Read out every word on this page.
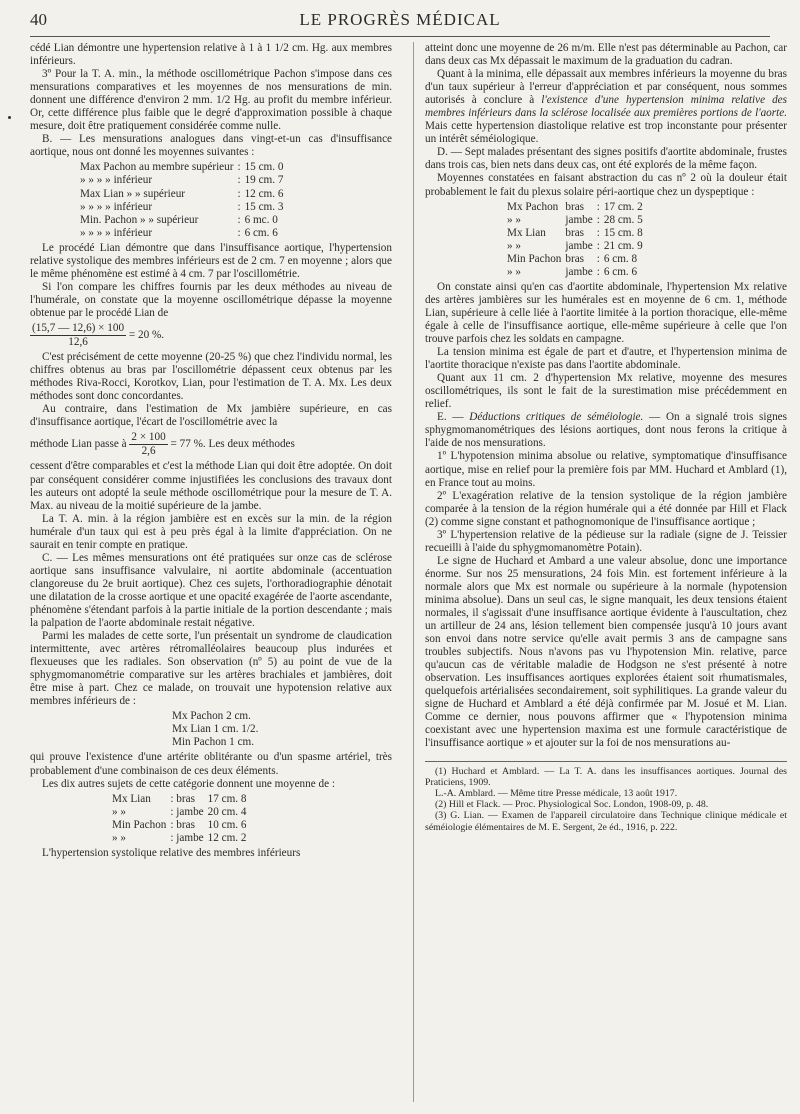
40	LE PROGRÈS MÉDICAL

cédé Lian démontre une hypertension relative à 1 à 1 1/2 cm. Hg. aux membres inférieurs.

3º Pour la T. A. min., la méthode oscillométrique Pachon s'impose dans ces mensurations comparatives et les moyennes de nos mensurations de min. donnent une différence d'environ 2 mm. 1/2 Hg. au profit du membre inférieur. Or, cette différence plus faible que le degré d'approximation possible à chaque mesure, doit être pratiquement considérée comme nulle.

B. — Les mensurations analogues dans vingt-et-un cas d'insuffisance aortique, nous ont donné les moyennes suivantes :

Max Pachon au membre supérieur	:	15 cm. 0
» » » » inférieur	:	19 cm. 7
Max Lian » » supérieur	:	12 cm. 6
» » » » inférieur	:	15 cm. 3
Min. Pachon » » supérieur	:	6 mc. 0
» » » » inférieur	:	6 cm. 6

Le procédé Lian démontre que dans l'insuffisance aortique, l'hypertension relative systolique des membres inférieurs est de 2 cm. 7 en moyenne ; alors que le même phénomène est estimé à 4 cm. 7 par l'oscillométrie.

Si l'on compare les chiffres fournis par les deux méthodes au niveau de l'humérale, on constate que la moyenne oscillométrique dépasse la moyenne obtenue par le procédé Lian de

$\frac{(15,7 — 12,6) \times 100}{12,6} = 20$ %.

C'est précisément de cette moyenne (20-25 %) que chez l'individu normal, les chiffres obtenus au bras par l'oscillométrie dépassent ceux obtenus par les méthodes Riva-Rocci, Korotkov, Lian, pour l'estimation de T. A. Mx. Les deux méthodes sont donc concordantes.

Au contraire, dans l'estimation de Mx jambière supérieure, en cas d'insuffisance aortique, l'écart de l'oscillométrie avec la

méthode Lian passe à $\frac{2 \times 100}{2,6} = 77$ %. Les deux méthodes

cessent d'être comparables et c'est la méthode Lian qui doit être adoptée. On doit par conséquent considérer comme injustifiées les conclusions des travaux dont les auteurs ont adopté la seule méthode oscillométrique pour la mesure de T. A. Max. au niveau de la moitié supérieure de la jambe.

La T. A. min. à la région jambière est en excès sur la min. de la région humérale d'un taux qui est à peu près égal à la limite d'appréciation. On ne saurait en tenir compte en pratique.

C. — Les mêmes mensurations ont été pratiquées sur onze cas de sclérose aortique sans insuffisance valvulaire, ni aortite abdominale (accentuation clangoreuse du 2e bruit aortique). Chez ces sujets, l'orthoradiographie dénotait une dilatation de la crosse aortique et une opacité exagérée de l'aorte ascendante, phénomène s'étendant parfois à la partie initiale de la portion descendante ; mais la palpation de l'aorte abdominale restait négative.

Parmi les malades de cette sorte, l'un présentait un syndrome de claudication intermittente, avec artères rétromalléolaires beaucoup plus indurées et flexueuses que les radiales. Son observation (nº 5) au point de vue de la sphygmomanométrie comparative sur les artères brachiales et jambières, doit être mise à part. Chez ce malade, on trouvait une hypotension relative aux membres inférieurs de :

Mx Pachon 2 cm.
Mx Lian 1 cm. 1/2.
Min Pachon 1 cm.

qui prouve l'existence d'une artérite oblitérante ou d'un spasme artériel, très probablement d'une combinaison de ces deux éléments.

Les dix autres sujets de cette catégorie donnent une moyenne de :

Mx Lian	: bras	17 cm. 8
» »	: jambe	20 cm. 4
Min Pachon	: bras	10 cm. 6
» »	: jambe	12 cm. 2

L'hypertension systolique relative des membres inférieurs

atteint donc une moyenne de 26 m/m. Elle n'est pas déterminable au Pachon, car dans deux cas Mx dépassait le maximum de la graduation du cadran.

Quant à la minima, elle dépassait aux membres inférieurs la moyenne du bras d'un taux supérieur à l'erreur d'appréciation et par conséquent, nous sommes autorisés à conclure à l'existence d'une hypertension minima relative des membres inférieurs dans la sclérose localisée aux premières portions de l'aorte. Mais cette hypertension diastolique relative est trop inconstante pour présenter un intérêt séméiologique.

D. — Sept malades présentant des signes positifs d'aortite abdominale, frustes dans trois cas, bien nets dans deux cas, ont été explorés de la même façon.

Moyennes constatées en faisant abstraction du cas nº 2 où la douleur était probablement le fait du plexus solaire péri-aortique chez un dyspeptique :

Mx Pachon	bras	:	17 cm. 2
» »	jambe	:	28 cm. 5
Mx Lian	bras	:	15 cm. 8
» »	jambe	:	21 cm. 9
Min Pachon	bras	:	6 cm. 8
» »	jambe	:	6 cm. 6

On constate ainsi qu'en cas d'aortite abdominale, l'hypertension Mx relative des artères jambières sur les humérales est en moyenne de 6 cm. 1, méthode Lian, supérieure à celle liée à l'aortite limitée à la portion thoracique, elle-même égale à celle de l'insuffisance aortique, elle-même supérieure à celle que l'on trouve parfois chez les soldats en campagne.

La tension minima est égale de part et d'autre, et l'hypertension minima de l'aortite thoracique n'existe pas dans l'aortite abdominale.

Quant aux 11 cm. 2 d'hypertension Mx relative, moyenne des mesures oscillométriques, ils sont le fait de la surestimation mise précédemment en relief.

E. — Déductions critiques de séméiologie. — On a signalé trois signes sphygmomanométriques des lésions aortiques, dont nous ferons la critique à l'aide de nos mensurations.

1º L'hypotension minima absolue ou relative, symptomatique d'insuffisance aortique, mise en relief pour la première fois par MM. Huchard et Amblard (1), en France tout au moins.

2º L'exagération relative de la tension systolique de la région jambière comparée à la tension de la région humérale qui a été donnée par Hill et Flack (2) comme signe constant et pathognomonique de l'insuffisance aortique ;

3º L'hypertension relative de la pédieuse sur la radiale (signe de J. Teissier recueilli à l'aide du sphygmomanomètre Potain).

Le signe de Huchard et Ambard a une valeur absolue, donc une importance énorme. Sur nos 25 mensurations, 24 fois Min. est fortement inférieure à la normale alors que Mx est normale ou supérieure à la normale (hypotension minima absolue). Dans un seul cas, le signe manquait, les deux tensions étaient normales, il s'agissait d'une insuffisance aortique évidente à l'auscultation, chez un artilleur de 24 ans, lésion tellement bien compensée jusqu'à 10 jours avant son envoi dans notre service qu'elle avait permis 3 ans de campagne sans troubles subjectifs. Nous n'avons pas vu l'hypotension Min. relative, parce qu'aucun cas de véritable maladie de Hodgson ne s'est présenté à notre observation. Les insuffisances aortiques explorées étaient soit rhumatismales, quelquefois artérialisées secondairement, soit syphilitiques. La grande valeur du signe de Huchard et Amblard a été déjà confirmée par M. Josué et M. Lian. Comme ce dernier, nous pouvons affirmer que « l'hypotension minima coexistant avec une hypertension maxima est une formule caractéristique de l'insuffisance aortique » et ajouter sur la foi de nos mensurations au-

(1) Huchard et Amblard. — La T. A. dans les insuffisances aortiques. Journal des Praticiens, 1909.

L.-A. Amblard. — Même titre Presse médicale, 13 août 1917.

(2) Hill et Flack. — Proc. Physiological Soc. London, 1908-09, p. 48.

(3) G. Lian. — Examen de l'appareil circulatoire dans Technique clinique médicale et séméiologie élémentaires de M. E. Sergent, 2e éd., 1916, p. 222.
